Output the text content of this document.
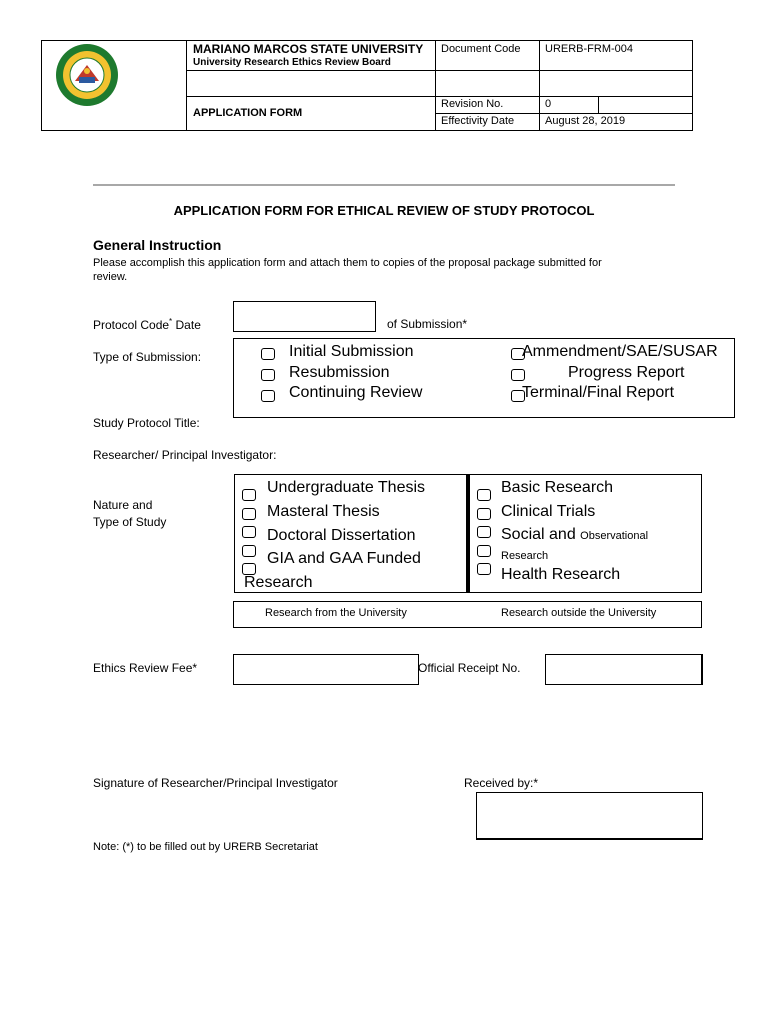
MARIANO MARCOS STATE UNIVERSITY
University Research Ethics Review Board
APPLICATION FORM
Document Code URERB-FRM-004
Revision No.	0
Effectivity Date	August 28, 2019
APPLICATION FORM FOR ETHICAL REVIEW OF STUDY PROTOCOL
General Instruction
Please accomplish this application form and attach them to copies of the proposal package submitted for
review.
Protocol Code* Date	of Submission*
Type of Submission:	Initial Submission
Resubmission
Continuing Review
Ammendment/SAE/SUSAR
Progress Report
Terminal/Final Report
Study Protocol Title:
Researcher/ Principal Investigator:
Nature and
Type of Study
Undergraduate Thesis
Masteral Thesis
Doctoral Dissertation
GIA and GAA Funded
Research
Basic Research
Clinical Trials
Social and Observational
Research
Health Research
Research from the University	Research outside the University
Ethics Review Fee*	Official Receipt No.
Signature of Researcher/Principal Investigator	Received by:*
Note: (*) to be filled out by URERB Secretariat
